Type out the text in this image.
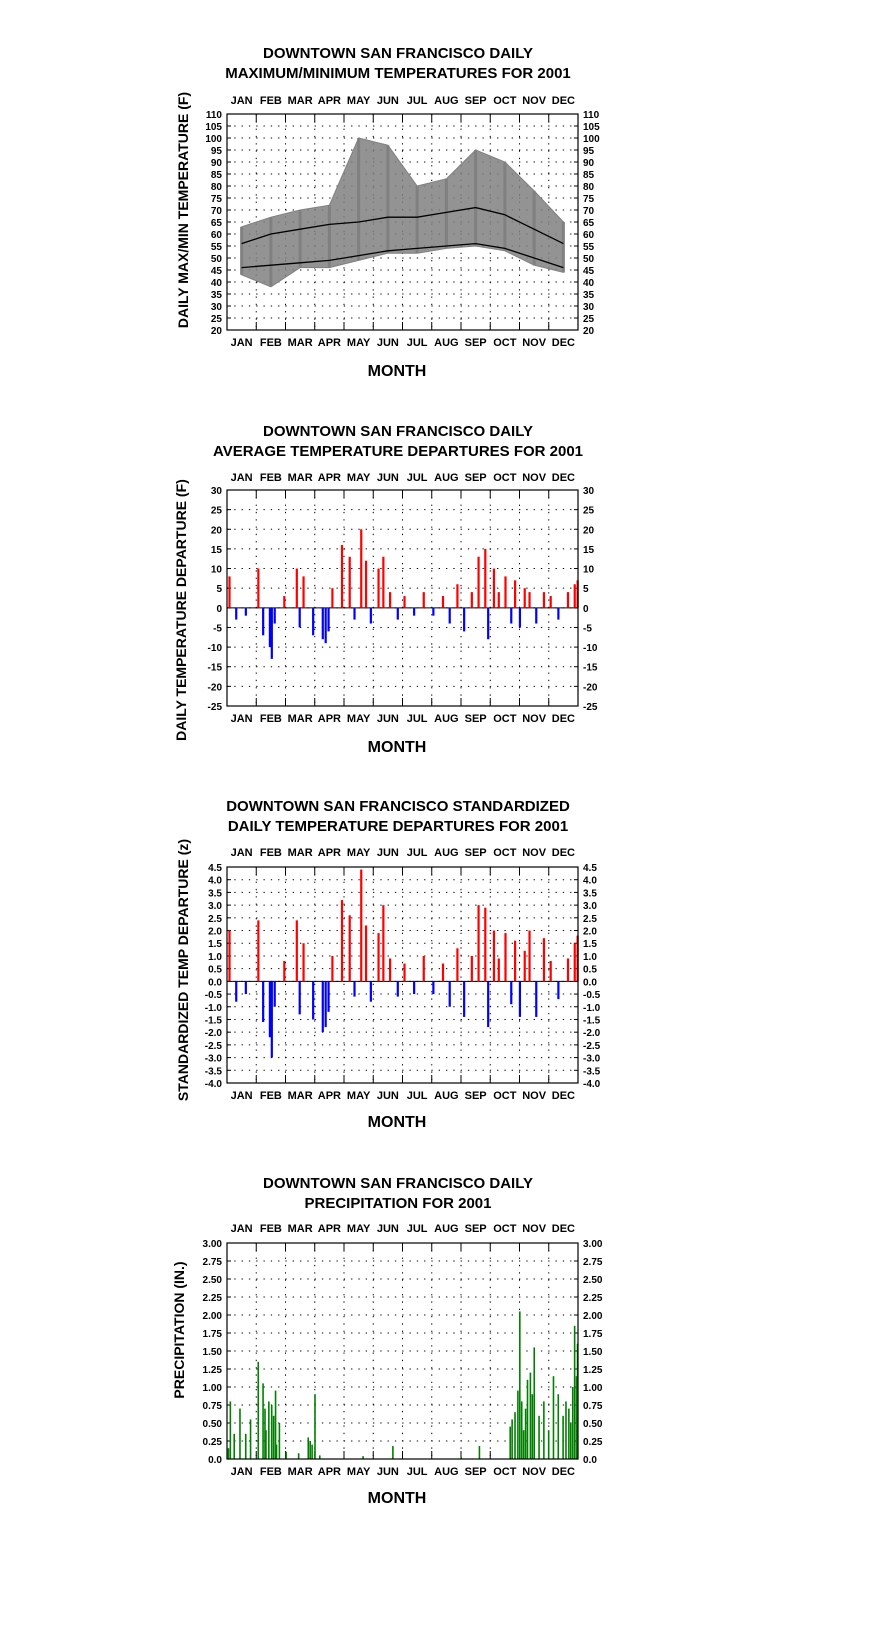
DOWNTOWN SAN FRANCISCO DAILY
MAXIMUM/MINIMUM TEMPERATURES FOR 2001
JAN
JAN
FEB
FEB
MAR
MAR
APR
APR
MAY
MAY
JUN
JUN
JUL
JUL
AUG
AUG
SEP
SEP
OCT
OCT
NOV
NOV
DEC
DEC
110	110
105	105
100	100
95	95
90	90
85	85
80	80
75	75
70	70
65	65
60	60
55	55
50	50
45	45
40	40
35	35
30	30
25	25
20	20
MONTH
DAILY MAX/MIN TEMPERATURE (F)
DOWNTOWN SAN FRANCISCO DAILY
AVERAGE TEMPERATURE DEPARTURES FOR 2001
JAN
JAN
FEB
FEB
MAR
MAR
APR
APR
MAY
MAY
JUN
JUN
JUL
JUL
AUG
AUG
SEP
SEP
OCT
OCT
NOV
NOV
DEC
DEC
30	30
25	25
20	20
15	15
10	10
5	5
0	0
-5	-5
-10	-10
-15	-15
-20	-20
-25	-25
MONTH
DAILY TEMPERATURE DEPARTURE (F)
DOWNTOWN SAN FRANCISCO STANDARDIZED
DAILY TEMPERATURE DEPARTURES FOR 2001
JAN
JAN
FEB
FEB
MAR
MAR
APR
APR
MAY
MAY
JUN
JUN
JUL
JUL
AUG
AUG
SEP
SEP
OCT
OCT
NOV
NOV
DEC
DEC
4.5	4.5
4.0	4.0
3.5	3.5
3.0	3.0
2.5	2.5
2.0	2.0
1.5	1.5
1.0	1.0
0.5	0.5
0.0	0.0
-0.5	-0.5
-1.0	-1.0
-1.5	-1.5
-2.0	-2.0
-2.5	-2.5
-3.0	-3.0
-3.5	-3.5
-4.0	-4.0
MONTH
STANDARDIZED TEMP DEPARTURE (z)
DOWNTOWN SAN FRANCISCO DAILY
PRECIPITATION FOR 2001
JAN
JAN
FEB
FEB
MAR
MAR
APR
APR
MAY
MAY
JUN
JUN
JUL
JUL
AUG
AUG
SEP
SEP
OCT
OCT
NOV
NOV
DEC
DEC
3.00	3.00
2.75	2.75
2.50	2.50
2.25	2.25
2.00	2.00
1.75	1.75
1.50	1.50
1.25	1.25
1.00	1.00
0.75	0.75
0.50	0.50
0.25	0.25
0.0	0.0
MONTH
PRECIPITATION (IN.)
